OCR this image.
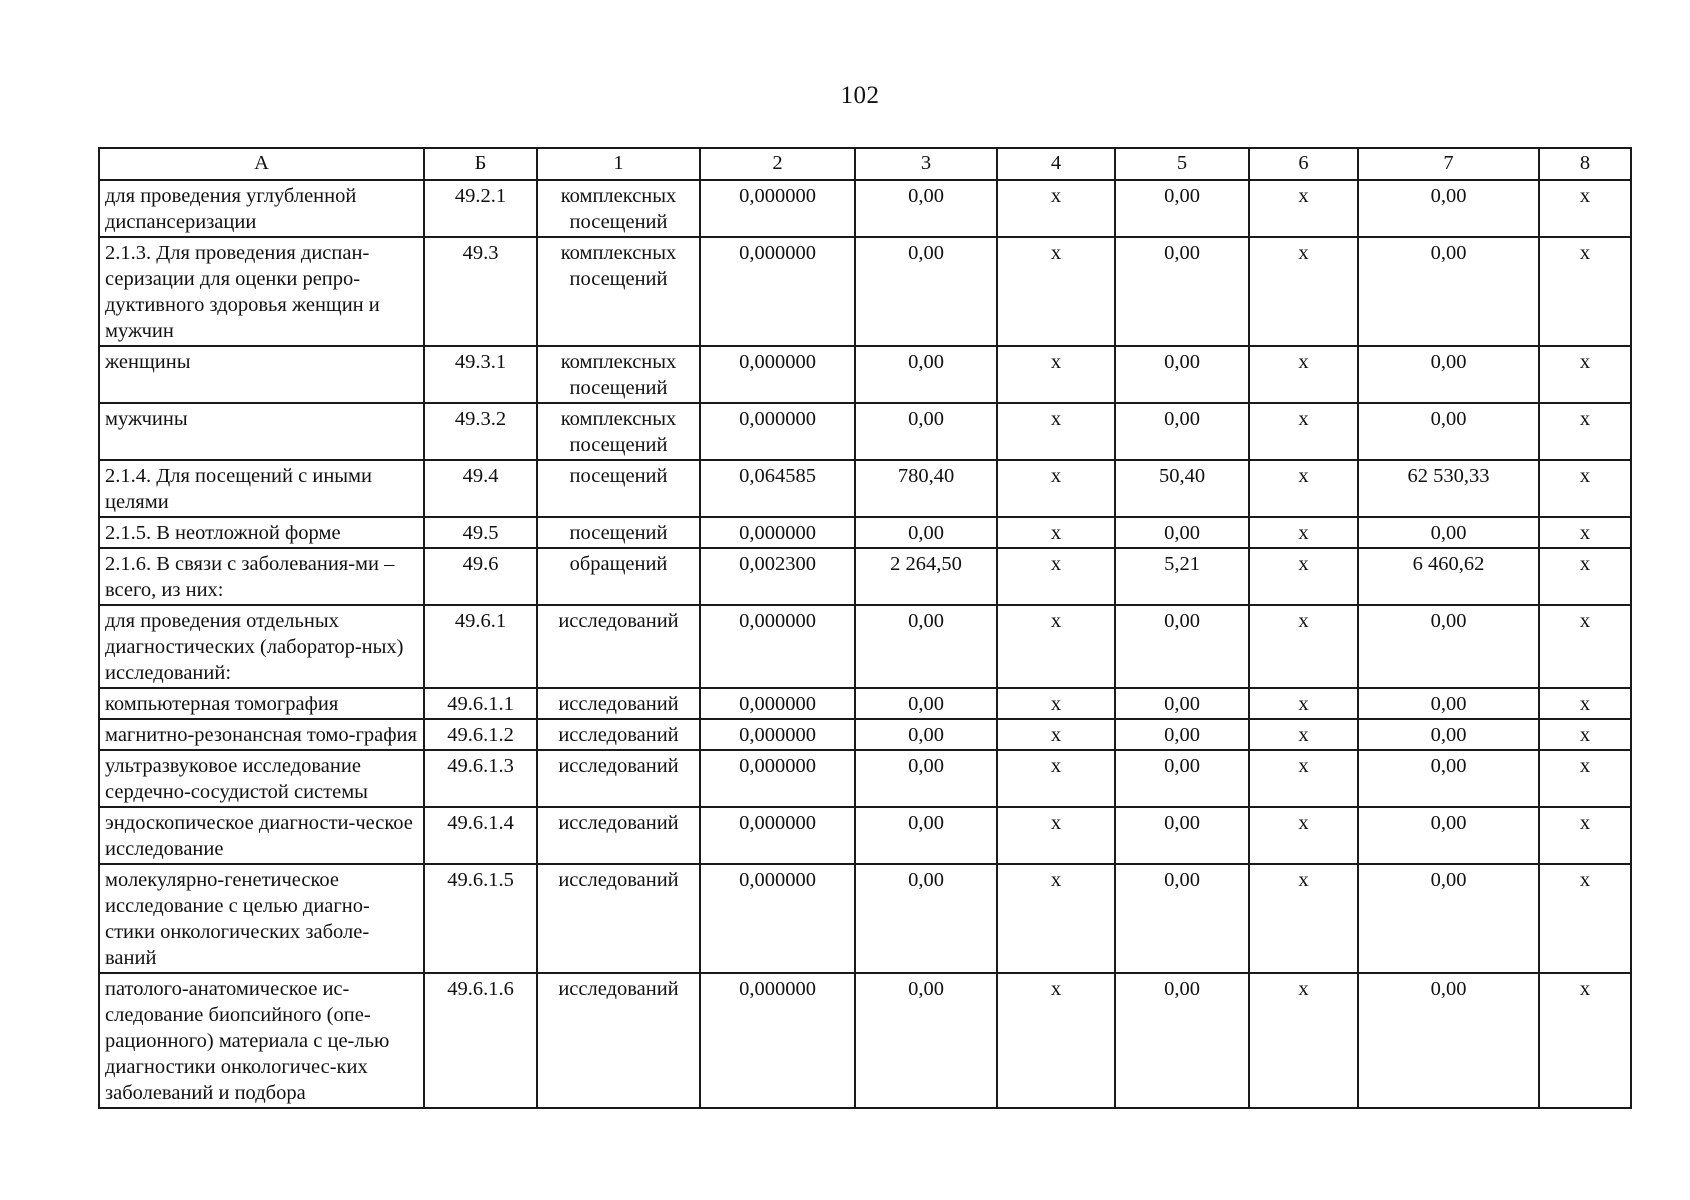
102
А	Б	1	2	3	4	5	6	7	8
для проведения углубленной диспансеризации	49.2.1	комплексных посещений	0,000000	0,00	х	0,00	х	0,00	х
2.1.3. Для проведения диспан-серизации для оценки репро-дуктивного здоровья женщин и мужчин	49.3	комплексных посещений	0,000000	0,00	х	0,00	х	0,00	х
женщины	49.3.1	комплексных посещений	0,000000	0,00	х	0,00	х	0,00	х
мужчины	49.3.2	комплексных посещений	0,000000	0,00	х	0,00	х	0,00	х
2.1.4. Для посещений с иными целями	49.4	посещений	0,064585	780,40	х	50,40	х	62 530,33	х
2.1.5. В неотложной форме	49.5	посещений	0,000000	0,00	х	0,00	х	0,00	х
2.1.6. В связи с заболевания-ми – всего, из них:	49.6	обращений	0,002300	2 264,50	х	5,21	х	6 460,62	х
для проведения отдельных диагностических (лаборатор-ных) исследований:	49.6.1	исследований	0,000000	0,00	х	0,00	х	0,00	х
компьютерная томография	49.6.1.1	исследований	0,000000	0,00	х	0,00	х	0,00	х
магнитно-резонансная томо-графия	49.6.1.2	исследований	0,000000	0,00	х	0,00	х	0,00	х
ультразвуковое исследование сердечно-сосудистой системы	49.6.1.3	исследований	0,000000	0,00	х	0,00	х	0,00	х
эндоскопическое диагности-ческое исследование	49.6.1.4	исследований	0,000000	0,00	х	0,00	х	0,00	х
молекулярно-генетическое исследование с целью диагно-стики онкологических заболе-ваний	49.6.1.5	исследований	0,000000	0,00	х	0,00	х	0,00	х
патолого-анатомическое ис-следование биопсийного (опе-рационного) материала с це-лью диагностики онкологичес-ких заболеваний и подбора	49.6.1.6	исследований	0,000000	0,00	х	0,00	х	0,00	х
